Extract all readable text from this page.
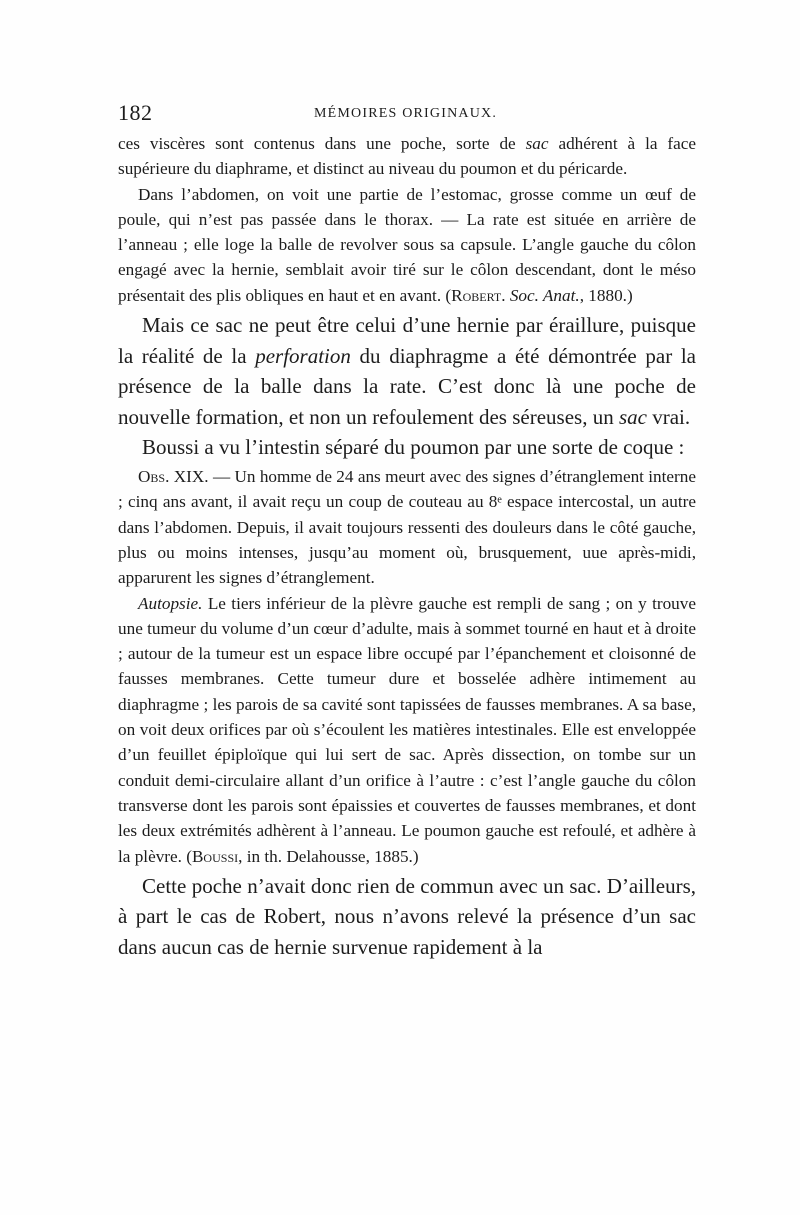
182	MÉMOIRES ORIGINAUX.

ces viscères sont contenus dans une poche, sorte de sac adhérent à la face supérieure du diaphrame, et distinct au niveau du poumon et du péricarde.

Dans l’abdomen, on voit une partie de l’estomac, grosse comme un œuf de poule, qui n’est pas passée dans le thorax. — La rate est située en arrière de l’anneau ; elle loge la balle de revolver sous sa capsule. L’angle gauche du côlon engagé avec la hernie, semblait avoir tiré sur le côlon descendant, dont le méso présentait des plis obliques en haut et en avant. (Robert. Soc. Anat., 1880.)

Mais ce sac ne peut être celui d’une hernie par éraillure, puisque la réalité de la perforation du diaphragme a été démontrée par la présence de la balle dans la rate. C’est donc là une poche de nouvelle formation, et non un refoulement des séreuses, un sac vrai.

Boussi a vu l’intestin séparé du poumon par une sorte de coque :

Obs. XIX. — Un homme de 24 ans meurt avec des signes d’étranglement interne ; cinq ans avant, il avait reçu un coup de couteau au 8ᵉ espace intercostal, un autre dans l’abdomen. Depuis, il avait toujours ressenti des douleurs dans le côté gauche, plus ou moins intenses, jusqu’au moment où, brusquement, uue après-midi, apparurent les signes d’étranglement.

Autopsie. Le tiers inférieur de la plèvre gauche est rempli de sang ; on y trouve une tumeur du volume d’un cœur d’adulte, mais à sommet tourné en haut et à droite ; autour de la tumeur est un espace libre occupé par l’épanchement et cloisonné de fausses membranes. Cette tumeur dure et bosselée adhère intimement au diaphragme ; les parois de sa cavité sont tapissées de fausses membranes. A sa base, on voit deux orifices par où s’écoulent les matières intestinales. Elle est enveloppée d’un feuillet épiploïque qui lui sert de sac. Après dissection, on tombe sur un conduit demi-circulaire allant d’un orifice à l’autre : c’est l’angle gauche du côlon transverse dont les parois sont épaissies et couvertes de fausses membranes, et dont les deux extrémités adhèrent à l’anneau. Le poumon gauche est refoulé, et adhère à la plèvre. (Boussi, in th. Delahousse, 1885.)

Cette poche n’avait donc rien de commun avec un sac. D’ailleurs, à part le cas de Robert, nous n’avons relevé la présence d’un sac dans aucun cas de hernie survenue rapidement à la
